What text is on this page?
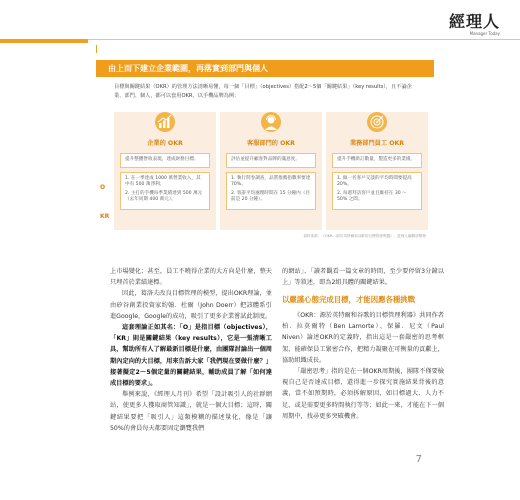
經理人
Manager Today
由上而下建立企業範圍，再落實到部門與個人
目標與關鍵結果（OKR）的管理方法清晰易懂，每一個「目標」（objectives）搭配2～5個「關鍵結果」（key results），且不論企業、部門、個人，都可以套用OKR，以手機品牌為例：
O
KR
企業的 OKR
提升整體營收表現，達成財務目標。
1. 在一季達成 1000 萬營業收入，其中有 500 萬淨利。
2. 主打的手機每季業績達到 500 萬元（去年同期 400 萬元）。
客服部門的 OKR
評估並提升顧客對品牌的滿意度。
1. 執行問卷調查，品質推薦指數率要達 70%。
2. 客訴平均處理時間在 15 分鐘內（目前是 20 分鐘）。
業務部門員工 OKR
提升手機新訂數量，製造更多的業績。
1. 做一名客戶交談的平均時間要提高 20%。
2. 每週拜訪客戶並且維持在 30 ～ 50% 之間。
資料來源：《OKR：源於英特爾和谷歌的目標管理利器》，經理人編輯部整理

上市場變化；甚至，員工不曉得企業的大方向是什麼，整天只埋首於業績達標。

因此，葛洛夫改良目標管理的模型，提出OKR理論，並由矽谷創業投資家約翰．杜爾（John Doerr）把該體系引進Google，Google的成功，吸引了更多企業嘗試此制度。

這套理論正如其名：「O」是指目標（objectives），「KR」則是關鍵結果（key results），它是一張清晰工具，幫助所有人了解最新目標是什麼，由團隊討論出一個周期內定向的大目標，用來告訴大家「我們現在要做什麼？」接著擬定2～5個定量的關鍵結果，輔助成員了解「如何達成目標的要求」。

舉例來說，《經理人月刊》希望「設計吸引人的社群網站，使更多人獲取商管知識」，就是一個大目標；這時，關鍵結果要把「吸引人」這類模糊的描述量化，像是「讓50%的會員每天都要固定瀏覽我們

的網站」、「讀者觀看一篇文章的時間，至少要停留3分鐘以上」等敘述，即為2組具體的關鍵結果。

以嚴謹心態完成目標，才能因應各種挑戰

《OKR：源於英特爾和谷歌的目標管理利器》共同作者柏．拉莫爾特（Ben Lamorte）、保羅．尼文（Paul Niven）論述OKR的定義時，指出這是一套嚴密的思考框架，能確保員工緊密合作，把精力凝聚在可衡量的貢獻上，協助組織成長。

「嚴密思考」指的是在一個OKR周期後，團隊不僅要檢視自己是否達成目標，還得進一步探究實施結果背後的意義，當不如預期時，必須拆解原因，如目標過大、人力不足，或是需要更多時間執行等等；如此一來，才能在下一個周期中，找尋更多突破機會。

7
